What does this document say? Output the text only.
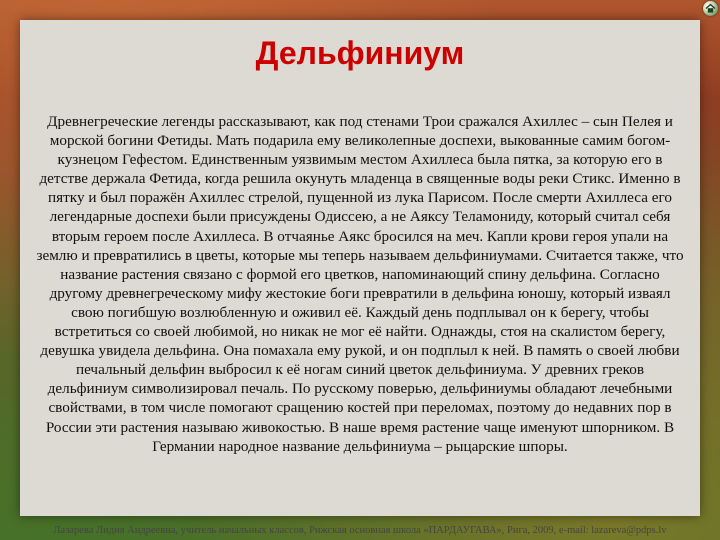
Дельфиниум

Древнегреческие легенды рассказывают, как под стенами Трои сражался Ахиллес – сын Пелея и морской богини Фетиды. Мать подарила ему великолепные доспехи, выкованные самим богом-кузнецом Гефестом. Единственным уязвимым местом Ахиллеса была пятка, за которую его в детстве держала Фетида, когда решила окунуть младенца в священные воды реки Стикс. Именно в пятку и был поражён Ахиллес стрелой, пущенной из лука Парисом. После смерти Ахиллеса его легендарные доспехи были присуждены Одиссею, а не Аяксу Теламониду, который считал себя вторым героем после Ахиллеса. В отчаянье Аякс бросился на меч. Капли крови героя упали на землю и превратились в цветы, которые мы теперь называем дельфиниумами. Считается также, что название растения связано с формой его цветков, напоминающий спину дельфина. Согласно другому древнегреческому мифу жестокие боги превратили в дельфина юношу, который изваял свою погибшую возлюбленную и оживил её. Каждый день подплывал он к берегу, чтобы встретиться со своей любимой, но никак не мог её найти. Однажды, стоя на скалистом берегу, девушка увидела дельфина. Она помахала ему рукой, и он подплыл к ней. В память о своей любви печальный дельфин выбросил к её ногам синий цветок дельфиниума. У древних греков дельфиниум символизировал печаль. По русскому поверью, дельфиниумы обладают лечебными свойствами, в том числе помогают сращению костей при переломах, поэтому до недавних пор в России эти растения называю живокостью. В наше время растение чаще именуют шпорником. В Германии народное название дельфиниума – рыцарские шпоры.

Лазарева Лидия Андреевна, учитель начальных классов, Рижская основная школа «ПАРДАУГАВА», Рига, 2009, e-mail: lazareva@pdps.lv
